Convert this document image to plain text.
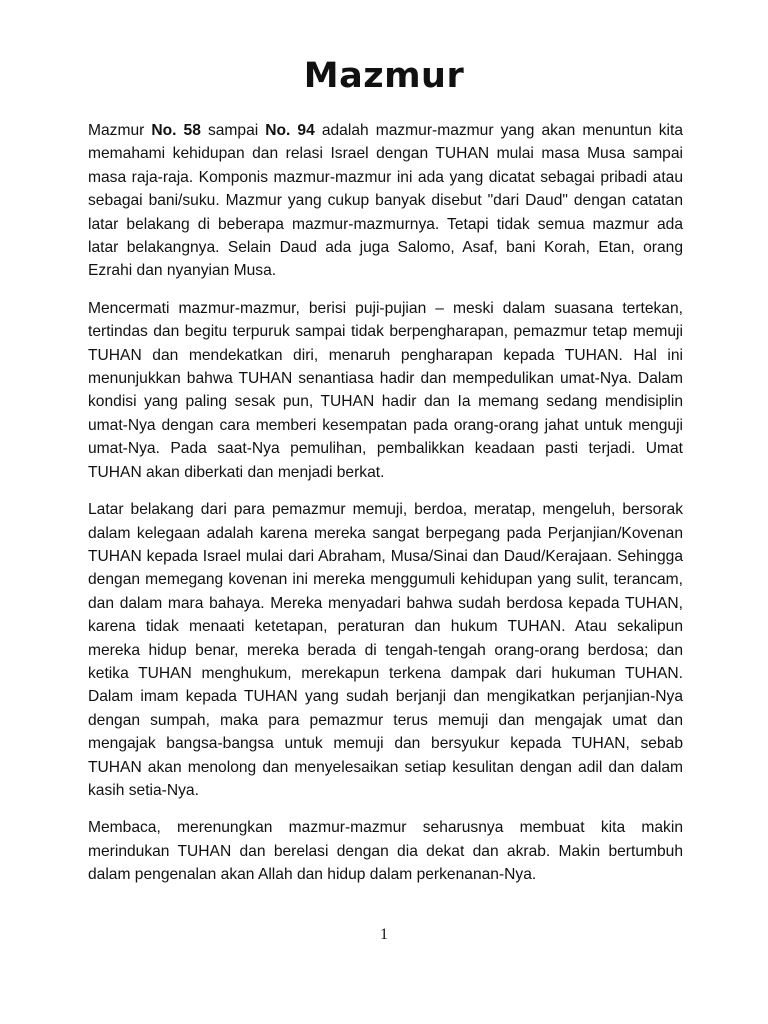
Mazmur

Mazmur No. 58 sampai No. 94 adalah mazmur-mazmur yang akan menuntun kita memahami kehidupan dan relasi Israel dengan TUHAN mulai masa Musa sampai masa raja-raja. Komponis mazmur-mazmur ini ada yang dicatat sebagai pribadi atau sebagai bani/suku. Mazmur yang cukup banyak disebut "dari Daud" dengan catatan latar belakang di beberapa mazmur-mazmurnya. Tetapi tidak semua mazmur ada latar belakangnya. Selain Daud ada juga Salomo, Asaf, bani Korah, Etan, orang Ezrahi dan nyanyian Musa.

Mencermati mazmur-mazmur, berisi puji-pujian – meski dalam suasana tertekan, tertindas dan begitu terpuruk sampai tidak berpengharapan, pemazmur tetap memuji TUHAN dan mendekatkan diri, menaruh pengharapan kepada TUHAN. Hal ini menunjukkan bahwa TUHAN senantiasa hadir dan mempedulikan umat-Nya. Dalam kondisi yang paling sesak pun, TUHAN hadir dan Ia memang sedang mendisiplin umat-Nya dengan cara memberi kesempatan pada orang-orang jahat untuk menguji umat-Nya. Pada saat-Nya pemulihan, pembalikkan keadaan pasti terjadi. Umat TUHAN akan diberkati dan menjadi berkat.

Latar belakang dari para pemazmur memuji, berdoa, meratap, mengeluh, bersorak dalam kelegaan adalah karena mereka sangat berpegang pada Perjanjian/Kovenan TUHAN kepada Israel mulai dari Abraham, Musa/Sinai dan Daud/Kerajaan. Sehingga dengan memegang kovenan ini mereka menggumuli kehidupan yang sulit, terancam, dan dalam mara bahaya. Mereka menyadari bahwa sudah berdosa kepada TUHAN, karena tidak menaati ketetapan, peraturan dan hukum TUHAN. Atau sekalipun mereka hidup benar, mereka berada di tengah-tengah orang-orang berdosa; dan ketika TUHAN menghukum, merekapun terkena dampak dari hukuman TUHAN. Dalam imam kepada TUHAN yang sudah berjanji dan mengikatkan perjanjian-Nya dengan sumpah, maka para pemazmur terus memuji dan mengajak umat dan mengajak bangsa-bangsa untuk memuji dan bersyukur kepada TUHAN, sebab TUHAN akan menolong dan menyelesaikan setiap kesulitan dengan adil dan dalam kasih setia-Nya.

Membaca, merenungkan mazmur-mazmur seharusnya membuat kita makin merindukan TUHAN dan berelasi dengan dia dekat dan akrab. Makin bertumbuh dalam pengenalan akan Allah dan hidup dalam perkenanan-Nya.

1
